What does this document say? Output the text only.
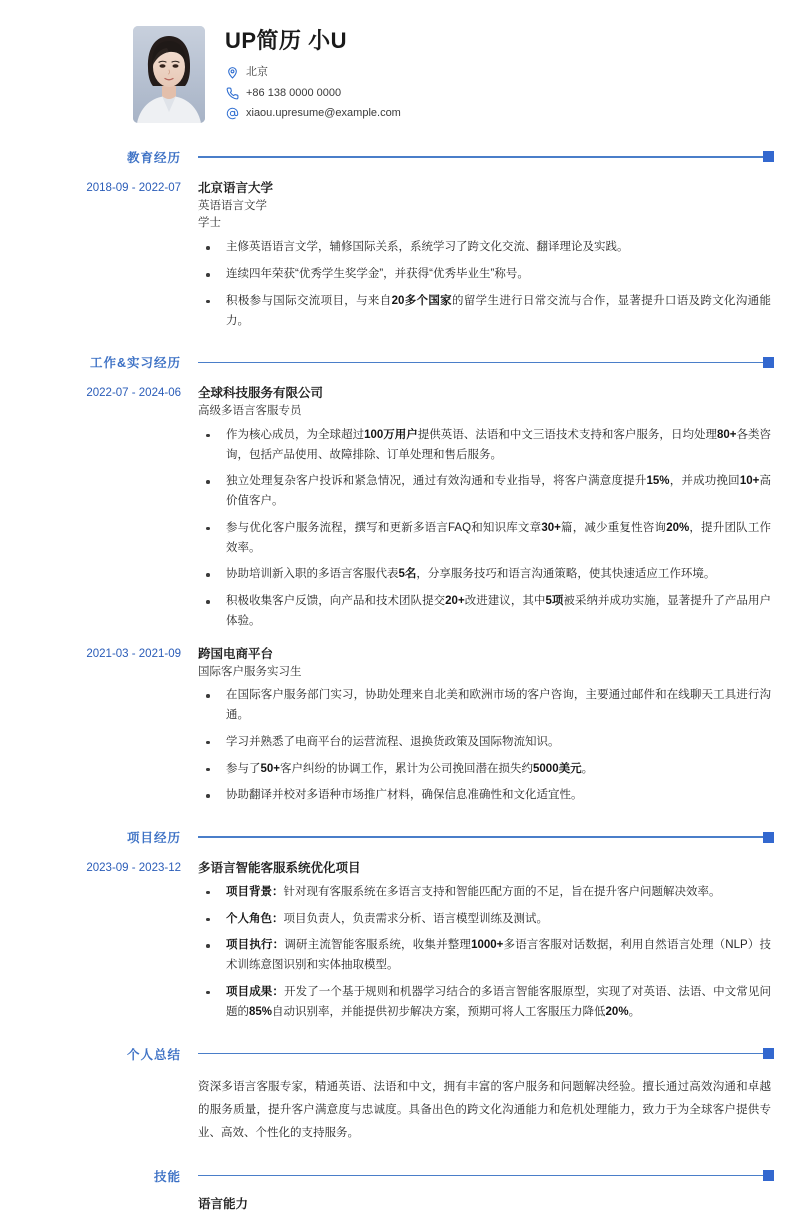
UP简历 小U
北京
+86 138 0000 0000
xiaou.upresume@example.com
教育经历
2018-09 - 2022-07	北京语言大学
英语语言文学
学士
主修英语语言文学，辅修国际关系，系统学习了跨文化交流、翻译理论及实践。
连续四年荣获“优秀学生奖学金”，并获得“优秀毕业生”称号。
积极参与国际交流项目，与来自20多个国家的留学生进行日常交流与合作，显著提升口语及跨文化沟通能力。
工作&实习经历
2022-07 - 2024-06	全球科技服务有限公司
高级多语言客服专员
作为核心成员，为全球超过100万用户提供英语、法语和中文三语技术支持和客户服务，日均处理80+各类咨询，包括产品使用、故障排除、订单处理和售后服务。
独立处理复杂客户投诉和紧急情况，通过有效沟通和专业指导，将客户满意度提升15%，并成功挽回10+高价值客户。
参与优化客户服务流程，撰写和更新多语言FAQ和知识库文章30+篇，减少重复性咨询20%，提升团队工作效率。
协助培训新入职的多语言客服代表5名，分享服务技巧和语言沟通策略，使其快速适应工作环境。
积极收集客户反馈，向产品和技术团队提交20+改进建议，其中5项被采纳并成功实施，显著提升了产品用户体验。
2021-03 - 2021-09	跨国电商平台
国际客户服务实习生
在国际客户服务部门实习，协助处理来自北美和欧洲市场的客户咨询，主要通过邮件和在线聊天工具进行沟通。
学习并熟悉了电商平台的运营流程、退换货政策及国际物流知识。
参与了50+客户纠纷的协调工作，累计为公司挽回潜在损失约5000美元。
协助翻译并校对多语种市场推广材料，确保信息准确性和文化适宜性。
项目经历
2023-09 - 2023-12	多语言智能客服系统优化项目
项目背景：针对现有客服系统在多语言支持和智能匹配方面的不足，旨在提升客户问题解决效率。
个人角色：项目负责人，负责需求分析、语言模型训练及测试。
项目执行：调研主流智能客服系统，收集并整理1000+多语言客服对话数据，利用自然语言处理（NLP）技术训练意图识别和实体抽取模型。
项目成果：开发了一个基于规则和机器学习结合的多语言智能客服原型，实现了对英语、法语、中文常见问题的85%自动识别率，并能提供初步解决方案，预期可将人工客服压力降低20%。
个人总结
资深多语言客服专家，精通英语、法语和中文，拥有丰富的客户服务和问题解决经验。擅长通过高效沟通和卓越的服务质量，提升客户满意度与忠诚度。具备出色的跨文化沟通能力和危机处理能力，致力于为全球客户提供专业、高效、个性化的支持服务。
技能
语言能力
